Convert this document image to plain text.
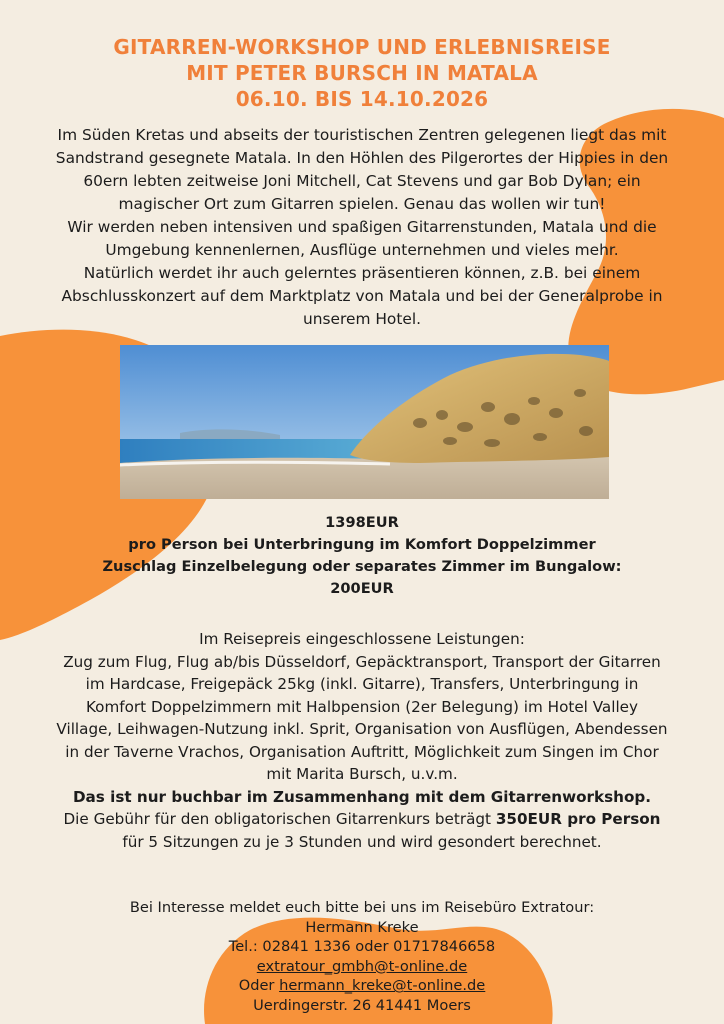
GITARREN-WORKSHOP UND ERLEBNISREISE
MIT PETER BURSCH IN MATALA
06.10. BIS 14.10.2026
Im Süden Kretas und abseits der touristischen Zentren gelegenen liegt das mit
Sandstrand gesegnete Matala. In den Höhlen des Pilgerortes der Hippies in den
60ern lebten zeitweise Joni Mitchell, Cat Stevens und gar Bob Dylan; ein
magischer Ort zum Gitarren spielen. Genau das wollen wir tun!
Wir werden neben intensiven und spaßigen Gitarrenstunden, Matala und die
Umgebung kennenlernen, Ausflüge unternehmen und vieles mehr.
Natürlich werdet ihr auch gelerntes präsentieren können, z.B. bei einem
Abschlusskonzert auf dem Marktplatz von Matala und bei der Generalprobe in
unserem Hotel.
1398EUR
pro Person bei Unterbringung im Komfort Doppelzimmer
Zuschlag Einzelbelegung oder separates Zimmer im Bungalow:
200EUR
Im Reisepreis eingeschlossene Leistungen:
Zug zum Flug, Flug ab/bis Düsseldorf, Gepäcktransport, Transport der Gitarren
im Hardcase, Freigepäck 25kg (inkl. Gitarre), Transfers, Unterbringung in
Komfort Doppelzimmern mit Halbpension (2er Belegung) im Hotel Valley
Village, Leihwagen-Nutzung inkl. Sprit, Organisation von Ausflügen, Abendessen
in der Taverne Vrachos, Organisation Auftritt, Möglichkeit zum Singen im Chor
mit Marita Bursch, u.v.m.
Das ist nur buchbar im Zusammenhang mit dem Gitarrenworkshop.
Die Gebühr für den obligatorischen Gitarrenkurs beträgt 350EUR pro Person
für 5 Sitzungen zu je 3 Stunden und wird gesondert berechnet.
Bei Interesse meldet euch bitte bei uns im Reisebüro Extratour:
Hermann Kreke
Tel.: 02841 1336 oder 01717846658
extratour_gmbh@t-online.de
Oder hermann_kreke@t-online.de
Uerdingerstr. 26 41441 Moers
